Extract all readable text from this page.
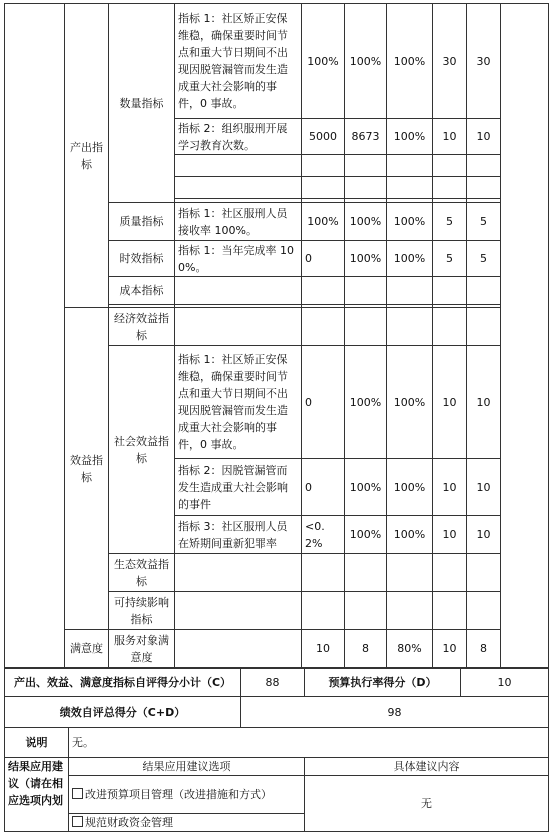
	产出指标	数量指标	指标 1：社区矫正安保维稳，确保重要时间节点和重大节日期间不出现因脱管漏管而发生造成重大社会影响的事件，0 事故。	100%	100%	100%	30	30	
			指标 2：组织服刑开展学习教育次数。	5000	8673	100%	10	10	

		质量指标	指标 1：社区服刑人员接收率 100%。	100%	100%	100%	5	5	
		时效指标	指标 1：当年完成率 100%。	0	100%	100%	5	5	
		成本指标							

	效益指标	经济效益指标							
		社会效益指标	指标 1：社区矫正安保维稳，确保重要时间节点和重大节日期间不出现因脱管漏管而发生造成重大社会影响的事件，0 事故。	0	100%	100%	10	10	
			指标 2：因脱管漏管而发生造成重大社会影响的事件	0	100%	100%	10	10	
			指标 3：社区服刑人员在矫期间重新犯罪率	<0.2%	100%	100%	10	10	
		生态效益指标							
		可持续影响指标							
	满意度	服务对象满意度		10	8	80%	10	8	
产出、效益、满意度指标自评得分小计（C）		88	预算执行率得分（D）	10
绩效自评总得分（C+D）		98		
说明	无。			
结果应用建议（请在相应选项内划	结果应用建议选项		具体建议内容	
	改进预算项目管理（改进措施和方式）		无	
	规范财政资金管理			
